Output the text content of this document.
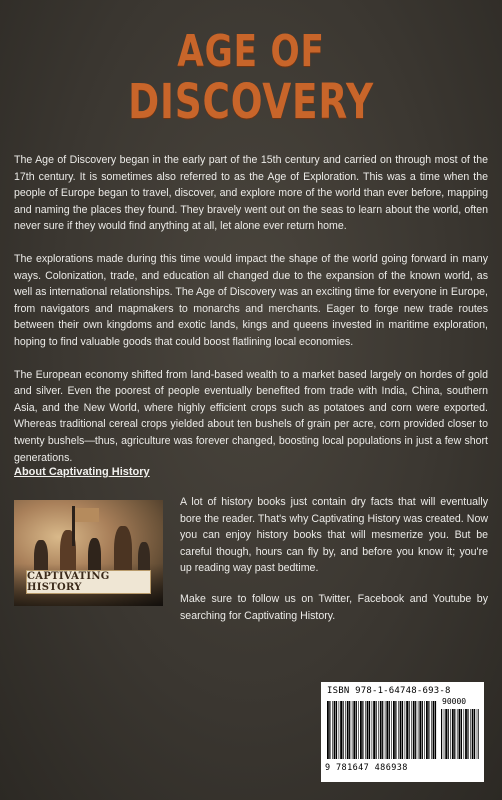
AGE OF
DISCOVERY

The Age of Discovery began in the early part of the 15th century and carried on through most of the 17th century. It is sometimes also referred to as the Age of Exploration. This was a time when the people of Europe began to travel, discover, and explore more of the world than ever before, mapping and naming the places they found. They bravely went out on the seas to learn about the world, often never sure if they would find anything at all, let alone ever return home.

The explorations made during this time would impact the shape of the world going forward in many ways. Colonization, trade, and education all changed due to the expansion of the known world, as well as international relationships. The Age of Discovery was an exciting time for everyone in Europe, from navigators and mapmakers to monarchs and merchants. Eager to forge new trade routes between their own kingdoms and exotic lands, kings and queens invested in maritime exploration, hoping to find valuable goods that could boost flatlining local economies.

The European economy shifted from land-based wealth to a market based largely on hordes of gold and silver. Even the poorest of people eventually benefited from trade with India, China, southern Asia, and the New World, where highly efficient crops such as potatoes and corn were exported. Whereas traditional cereal crops yielded about ten bushels of grain per acre, corn provided closer to twenty bushels—thus, agriculture was forever changed, boosting local populations in just a few short generations.

About Captivating History
CAPTIVATING HISTORY

A lot of history books just contain dry facts that will eventually bore the reader. That's why Captivating History was created. Now you can enjoy history books that will mesmerize you. But be careful though, hours can fly by, and before you know it; you're up reading way past bedtime.

Make sure to follow us on Twitter, Facebook and Youtube by searching for Captivating History.

ISBN 978-1-64748-693-8
90000
9 781647 486938
